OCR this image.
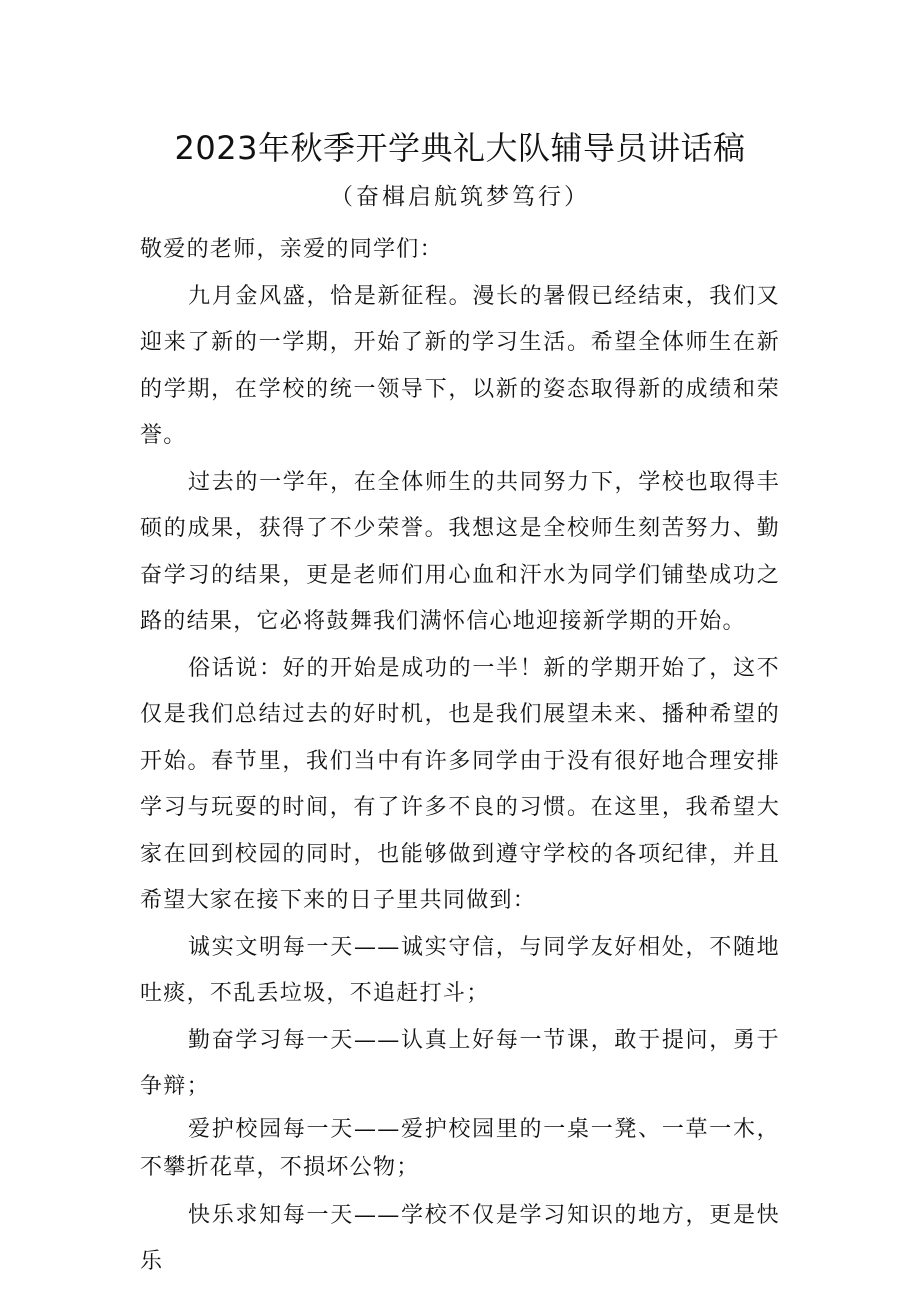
2023年秋季开学典礼大队辅导员讲话稿
（奋楫启航筑梦笃行）

敬爱的老师，亲爱的同学们：

九月金风盛，恰是新征程。漫长的暑假已经结束，我们又迎来了新的一学期，开始了新的学习生活。希望全体师生在新的学期，在学校的统一领导下，以新的姿态取得新的成绩和荣誉。

过去的一学年，在全体师生的共同努力下，学校也取得丰硕的成果，获得了不少荣誉。我想这是全校师生刻苦努力、勤奋学习的结果，更是老师们用心血和汗水为同学们铺垫成功之路的结果，它必将鼓舞我们满怀信心地迎接新学期的开始。

俗话说：好的开始是成功的一半！新的学期开始了，这不仅是我们总结过去的好时机，也是我们展望未来、播种希望的开始。春节里，我们当中有许多同学由于没有很好地合理安排学习与玩耍的时间，有了许多不良的习惯。在这里，我希望大家在回到校园的同时，也能够做到遵守学校的各项纪律，并且希望大家在接下来的日子里共同做到：

诚实文明每一天——诚实守信，与同学友好相处，不随地吐痰，不乱丢垃圾，不追赶打斗；

勤奋学习每一天——认真上好每一节课，敢于提问，勇于争辩；

爱护校园每一天——爱护校园里的一桌一凳、一草一木，不攀折花草，不损坏公物；

快乐求知每一天——学校不仅是学习知识的地方，更是快乐
